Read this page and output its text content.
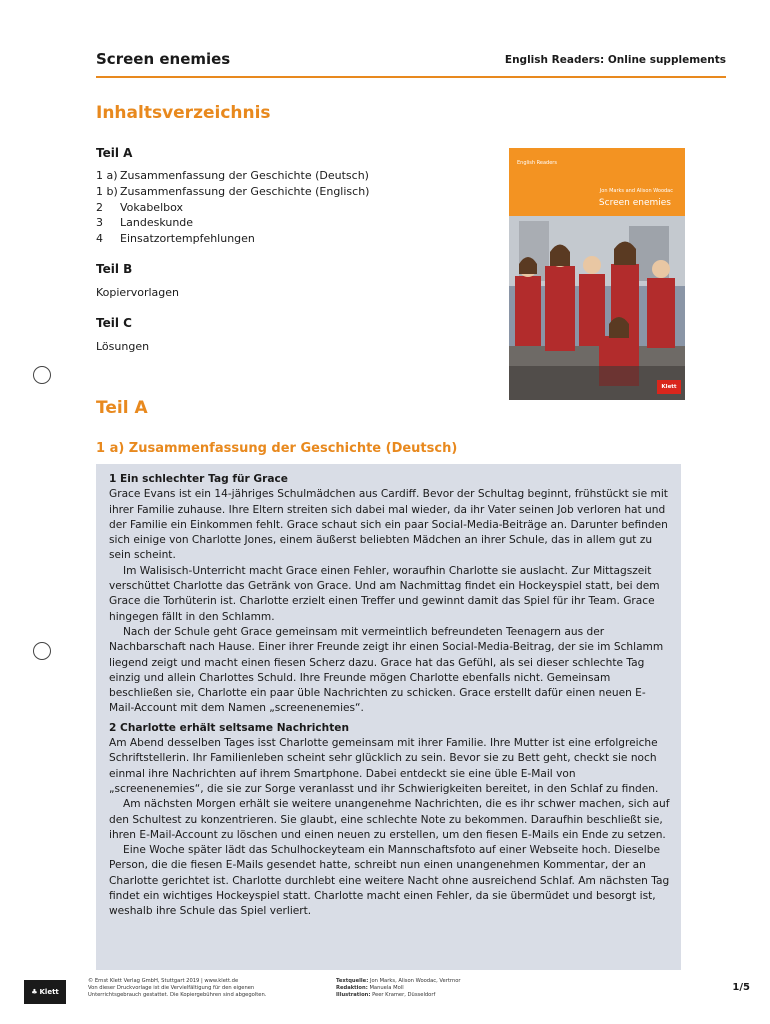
Screen enemies	English Readers: Online supplements
Inhaltsverzeichnis
Teil A
1 a) Zusammenfassung der Geschichte (Deutsch)
1 b) Zusammenfassung der Geschichte (Englisch)
2	Vokabelbox
3	Landeskunde
4	Einsatzortempfehlungen
Teil B
Kopiervorlagen
Teil C
Lösungen
English Readers
Jon Marks and Alison Woodac
Screen enemies
Klett
Teil A
1 a) Zusammenfassung der Geschichte (Deutsch)

1 Ein schlechter Tag für Grace

Grace Evans ist ein 14-jähriges Schulmädchen aus Cardiff. Bevor der Schultag beginnt, frühstückt sie mit ihrer Familie zuhause. Ihre Eltern streiten sich dabei mal wieder, da ihr Vater seinen Job verloren hat und der Familie ein Einkommen fehlt. Grace schaut sich ein paar Social-Media-Beiträge an. Darunter befinden sich einige von Charlotte Jones, einem äußerst beliebten Mädchen an ihrer Schule, das in allem gut zu sein scheint.

Im Walisisch-Unterricht macht Grace einen Fehler, woraufhin Charlotte sie auslacht. Zur Mittagszeit verschüttet Charlotte das Getränk von Grace. Und am Nachmittag findet ein Hockeyspiel statt, bei dem Grace die Torhüterin ist. Charlotte erzielt einen Treffer und gewinnt damit das Spiel für ihr Team. Grace hingegen fällt in den Schlamm.

Nach der Schule geht Grace gemeinsam mit vermeintlich befreundeten Teenagern aus der Nachbarschaft nach Hause. Einer ihrer Freunde zeigt ihr einen Social-Media-Beitrag, der sie im Schlamm liegend zeigt und macht einen fiesen Scherz dazu. Grace hat das Gefühl, als sei dieser schlechte Tag einzig und allein Charlottes Schuld. Ihre Freunde mögen Charlotte ebenfalls nicht. Gemeinsam beschließen sie, Charlotte ein paar üble Nachrichten zu schicken. Grace erstellt dafür einen neuen E-Mail-Account mit dem Namen „screenenemies“.

2 Charlotte erhält seltsame Nachrichten

Am Abend desselben Tages isst Charlotte gemeinsam mit ihrer Familie. Ihre Mutter ist eine erfolgreiche Schriftstellerin. Ihr Familienleben scheint sehr glücklich zu sein. Bevor sie zu Bett geht, checkt sie noch einmal ihre Nachrichten auf ihrem Smartphone. Dabei entdeckt sie eine üble E-Mail von „screenenemies“, die sie zur Sorge veranlasst und ihr Schwierigkeiten bereitet, in den Schlaf zu finden.

Am nächsten Morgen erhält sie weitere unangenehme Nachrichten, die es ihr schwer machen, sich auf den Schultest zu konzentrieren. Sie glaubt, eine schlechte Note zu bekommen. Daraufhin beschließt sie, ihren E-Mail-Account zu löschen und einen neuen zu erstellen, um den fiesen E-Mails ein Ende zu setzen.

Eine Woche später lädt das Schulhockeyteam ein Mannschaftsfoto auf einer Webseite hoch. Dieselbe Person, die die fiesen E-Mails gesendet hatte, schreibt nun einen unangenehmen Kommentar, der an Charlotte gerichtet ist. Charlotte durchlebt eine weitere Nacht ohne ausreichend Schlaf. Am nächsten Tag findet ein wichtiges Hockeyspiel statt. Charlotte macht einen Fehler, da sie übermüdet und besorgt ist, weshalb ihre Schule das Spiel verliert.

♣ Klett
© Ernst Klett Verlag GmbH, Stuttgart 2019 | www.klett.de
Von dieser Druckvorlage ist die Vervielfältigung für den eigenen
Unterrichtsgebrauch gestattet. Die Kopiergebühren sind abgegolten.
Textquelle: Jon Marks, Alison Woodac, Vertrnor
Redaktion: Manuela Moll
Illustration: Peer Kramer, Düsseldorf
1/5
